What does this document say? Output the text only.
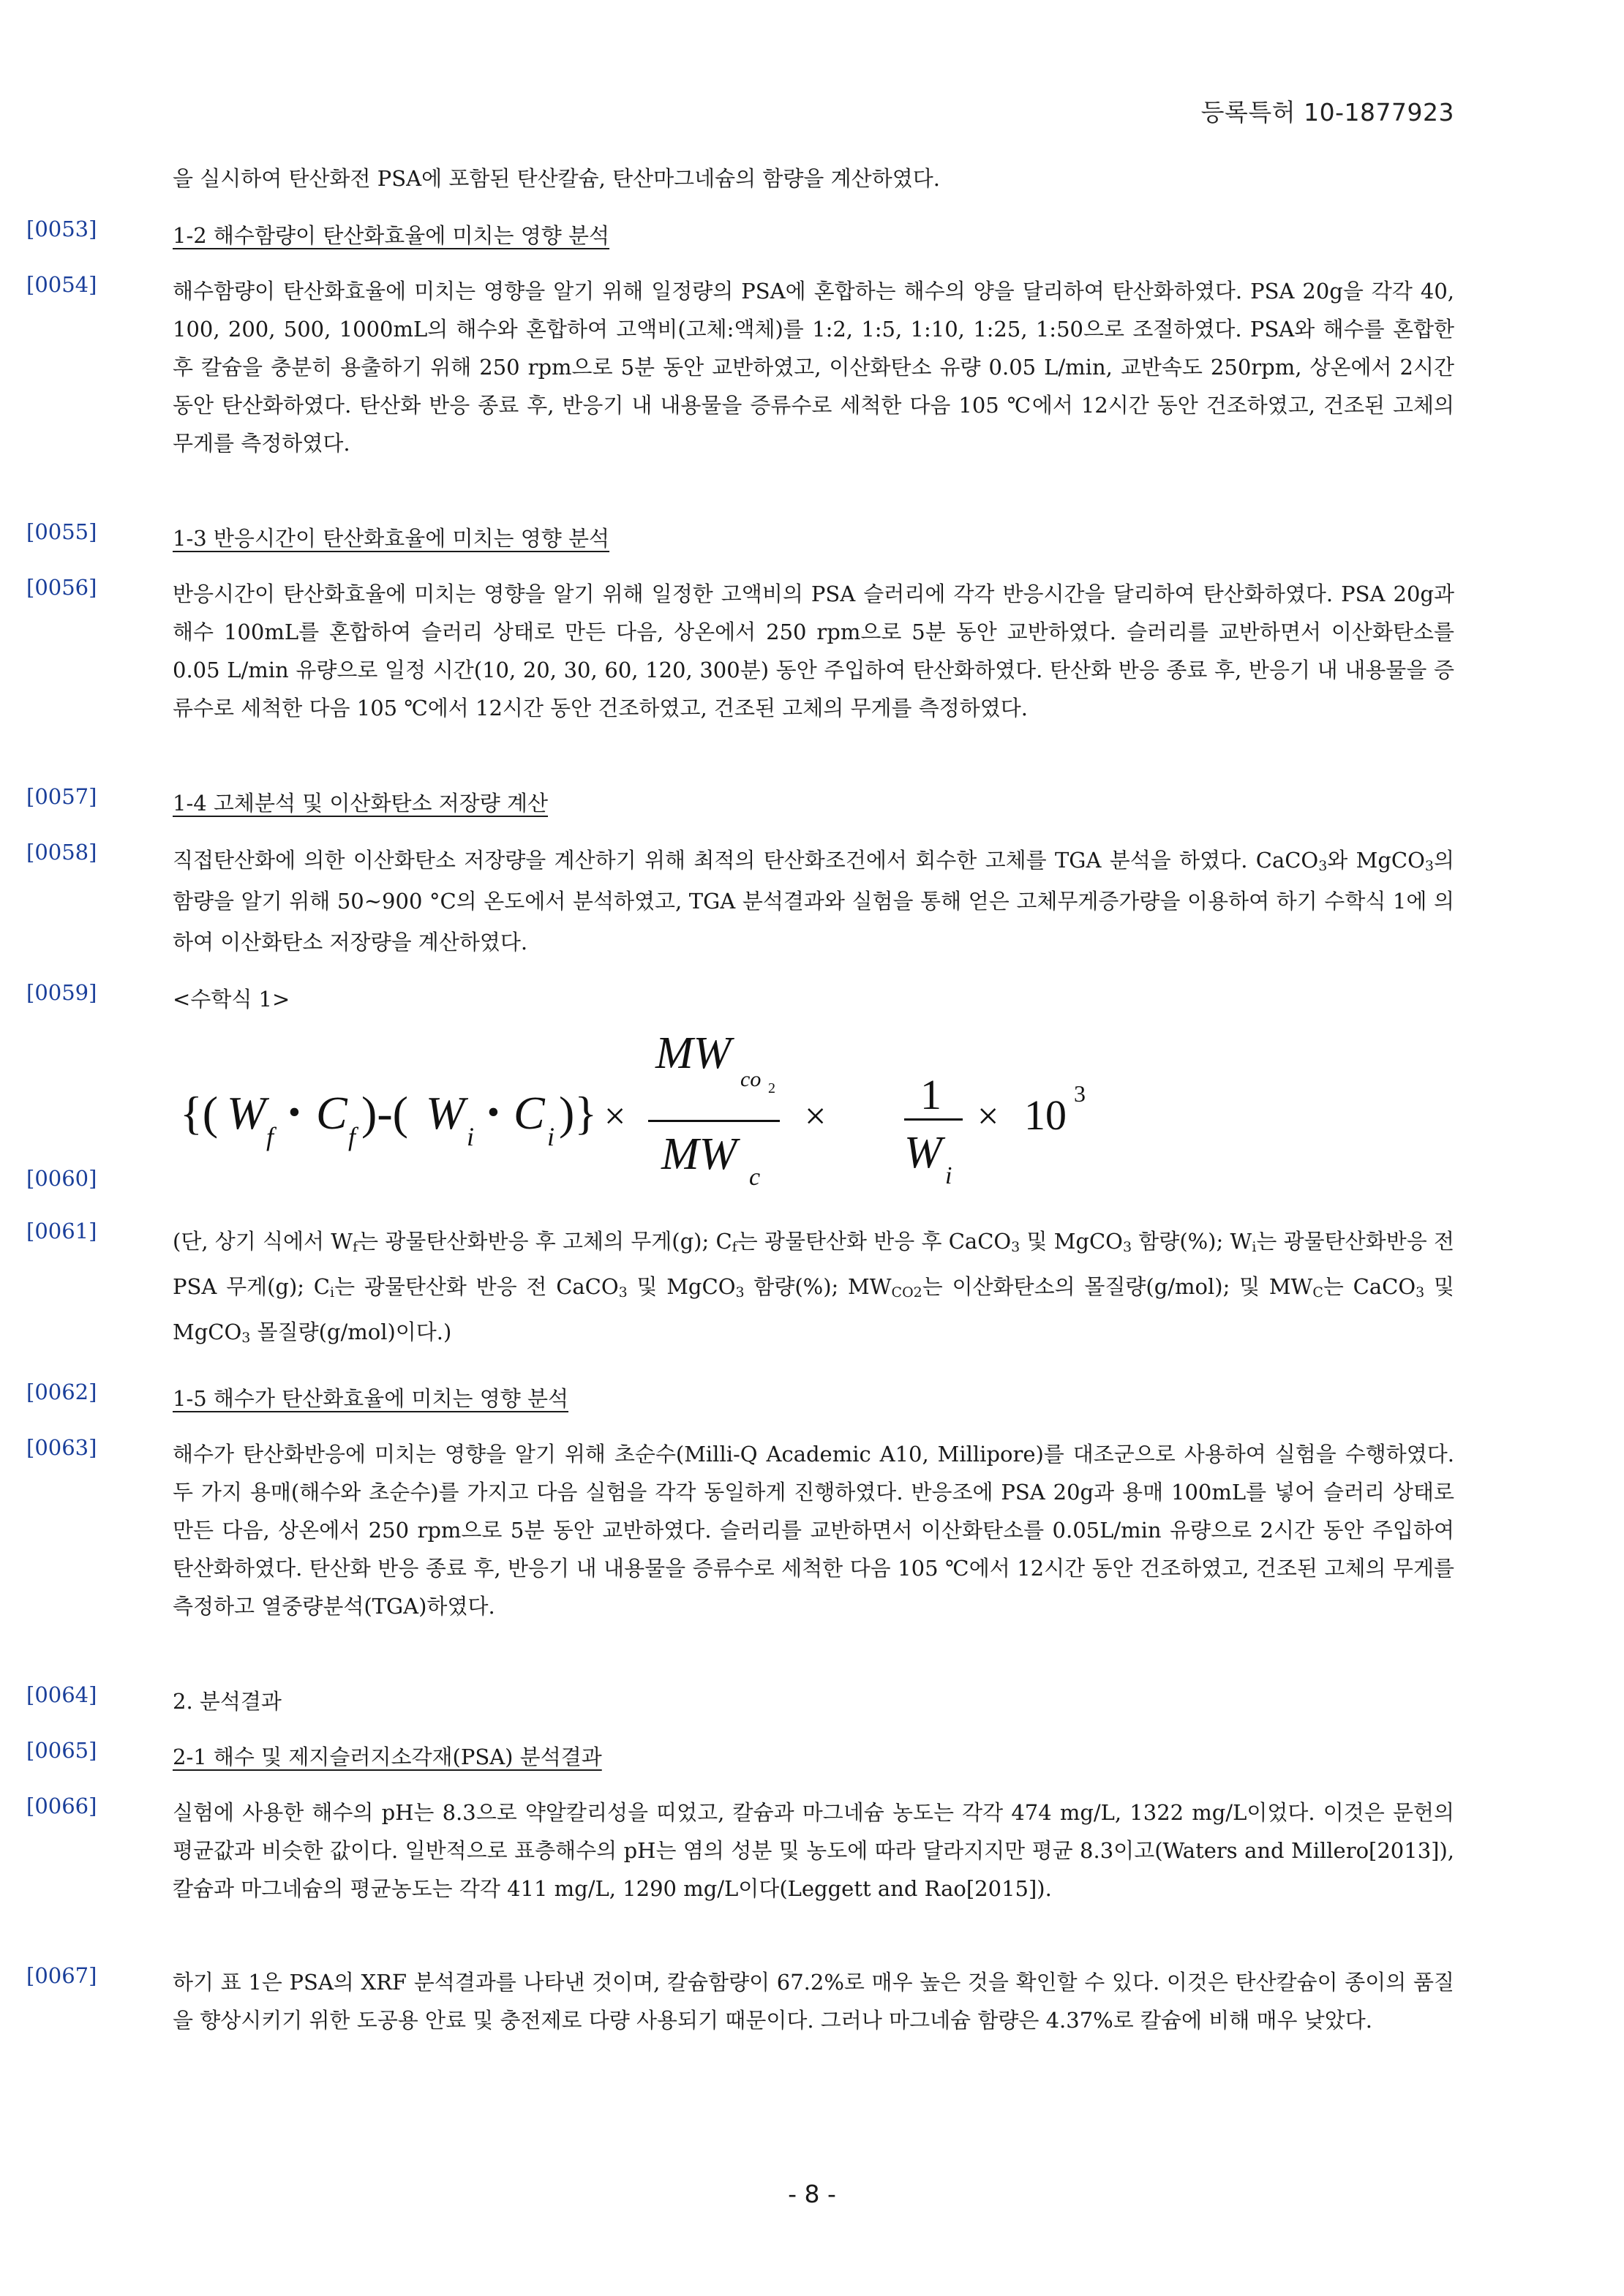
등록특허 10-1877923
을 실시하여 탄산화전 PSA에 포함된 탄산칼슘, 탄산마그네슘의 함량을 계산하였다.
[0053]	1-2 해수함량이 탄산화효율에 미치는 영향 분석
[0054]	해수함량이 탄산화효율에 미치는 영향을 알기 위해 일정량의 PSA에 혼합하는 해수의 양을 달리하여 탄산화하였다. PSA 20g을 각각 40, 100, 200, 500, 1000mL의 해수와 혼합하여 고액비(고체:액체)를 1:2, 1:5, 1:10, 1:25, 1:50으로 조절하였다. PSA와 해수를 혼합한 후 칼슘을 충분히 용출하기 위해 250 rpm으로 5분 동안 교반하였고, 이산화탄소 유량 0.05 L/min, 교반속도 250rpm, 상온에서 2시간 동안 탄산화하였다. 탄산화 반응 종료 후, 반응기 내 내용물을 증류수로 세척한 다음 105 ℃에서 12시간 동안 건조하였고, 건조된 고체의 무게를 측정하였다.
[0055]	1-3 반응시간이 탄산화효율에 미치는 영향 분석
[0056]	반응시간이 탄산화효율에 미치는 영향을 알기 위해 일정한 고액비의 PSA 슬러리에 각각 반응시간을 달리하여 탄산화하였다. PSA 20g과 해수 100mL를 혼합하여 슬러리 상태로 만든 다음, 상온에서 250 rpm으로 5분 동안 교반하였다. 슬러리를 교반하면서 이산화탄소를 0.05 L/min 유량으로 일정 시간(10, 20, 30, 60, 120, 300분) 동안 주입하여 탄산화하였다. 탄산화 반응 종료 후, 반응기 내 내용물을 증류수로 세척한 다음 105 ℃에서 12시간 동안 건조하였고, 건조된 고체의 무게를 측정하였다.
[0057]	1-4 고체분석 및 이산화탄소 저장량 계산
[0058]	직접탄산화에 의한 이산화탄소 저장량을 계산하기 위해 최적의 탄산화조건에서 회수한 고체를 TGA 분석을 하였다. CaCO$_3$와 MgCO$_3$의 함량을 알기 위해 50~900 °C의 온도에서 분석하였고, TGA 분석결과와 실험을 통해 얻은 고체무게증가량을 이용하여 하기 수학식 1에 의하여 이산화탄소 저장량을 계산하였다.
[0059]	<수학식 1>
{( W f
• C f )-( W i
• C i )} ×
MW
co 2
MW c
× 1
W i
× 10 3
[0060]
[0061]	(단, 상기 식에서 $W_f$는 광물탄산화반응 후 고체의 무게(g); $C_f$는 광물탄산화 반응 후 CaCO$_3$ 및 MgCO$_3$ 함량(%); $W_i$는 광물탄산화반응 전 PSA 무게(g); $C_i$는 광물탄산화 반응 전 CaCO$_3$ 및 MgCO$_3$ 함량(%); $MW_{CO2}$는 이산화탄소의 몰질량(g/mol); 및 $MW_C$는 CaCO$_3$ 및 MgCO$_3$ 몰질량(g/mol)이다.)
[0062]	1-5 해수가 탄산화효율에 미치는 영향 분석
[0063]	해수가 탄산화반응에 미치는 영향을 알기 위해 초순수(Milli-Q Academic A10, Millipore)를 대조군으로 사용하여 실험을 수행하였다. 두 가지 용매(해수와 초순수)를 가지고 다음 실험을 각각 동일하게 진행하였다. 반응조에 PSA 20g과 용매 100mL를 넣어 슬러리 상태로 만든 다음, 상온에서 250 rpm으로 5분 동안 교반하였다. 슬러리를 교반하면서 이산화탄소를 0.05L/min 유량으로 2시간 동안 주입하여 탄산화하였다. 탄산화 반응 종료 후, 반응기 내 내용물을 증류수로 세척한 다음 105 ℃에서 12시간 동안 건조하였고, 건조된 고체의 무게를 측정하고 열중량분석(TGA)하였다.
[0064]	2. 분석결과
[0065]	2-1 해수 및 제지슬러지소각재(PSA) 분석결과
[0066]	실험에 사용한 해수의 pH는 8.3으로 약알칼리성을 띠었고, 칼슘과 마그네슘 농도는 각각 474 mg/L, 1322 mg/L이었다. 이것은 문헌의 평균값과 비슷한 값이다. 일반적으로 표층해수의 pH는 염의 성분 및 농도에 따라 달라지지만 평균 8.3이고(Waters and Millero[2013]), 칼슘과 마그네슘의 평균농도는 각각 411 mg/L, 1290 mg/L이다(Leggett and Rao[2015]).
[0067]	하기 표 1은 PSA의 XRF 분석결과를 나타낸 것이며, 칼슘함량이 67.2%로 매우 높은 것을 확인할 수 있다. 이것은 탄산칼슘이 종이의 품질을 향상시키기 위한 도공용 안료 및 충전제로 다량 사용되기 때문이다. 그러나 마그네슘 함량은 4.37%로 칼슘에 비해 매우 낮았다.
- 8 -
